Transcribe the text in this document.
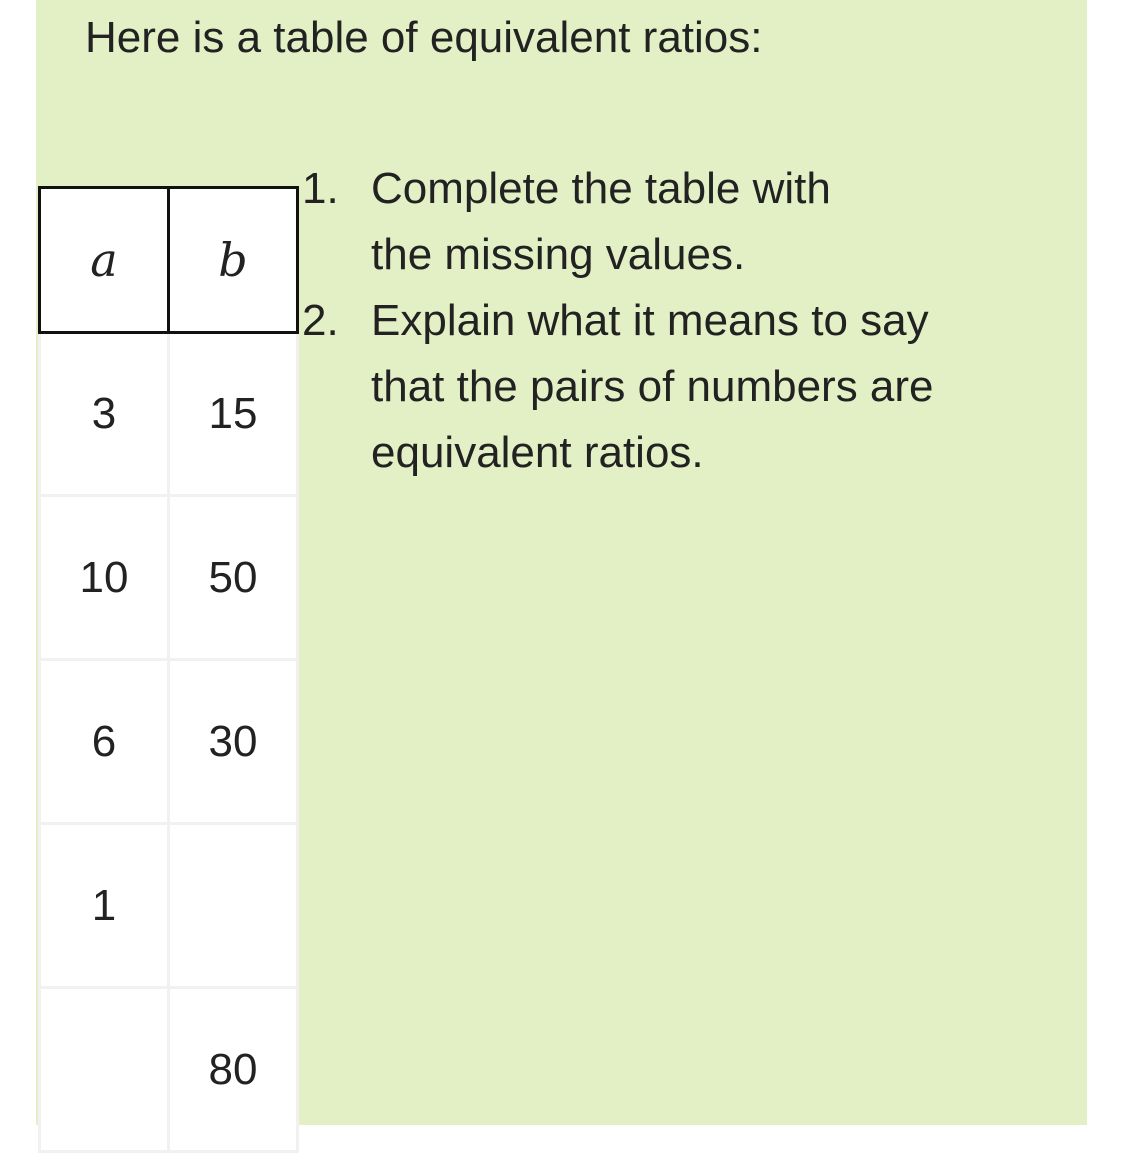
Here is a table of equivalent ratios:

a	b
3	15
10	50
6	30
1	
	80
1. Complete the table with
the missing values.
2. Explain what it means to say
that the pairs of numbers are
equivalent ratios.
